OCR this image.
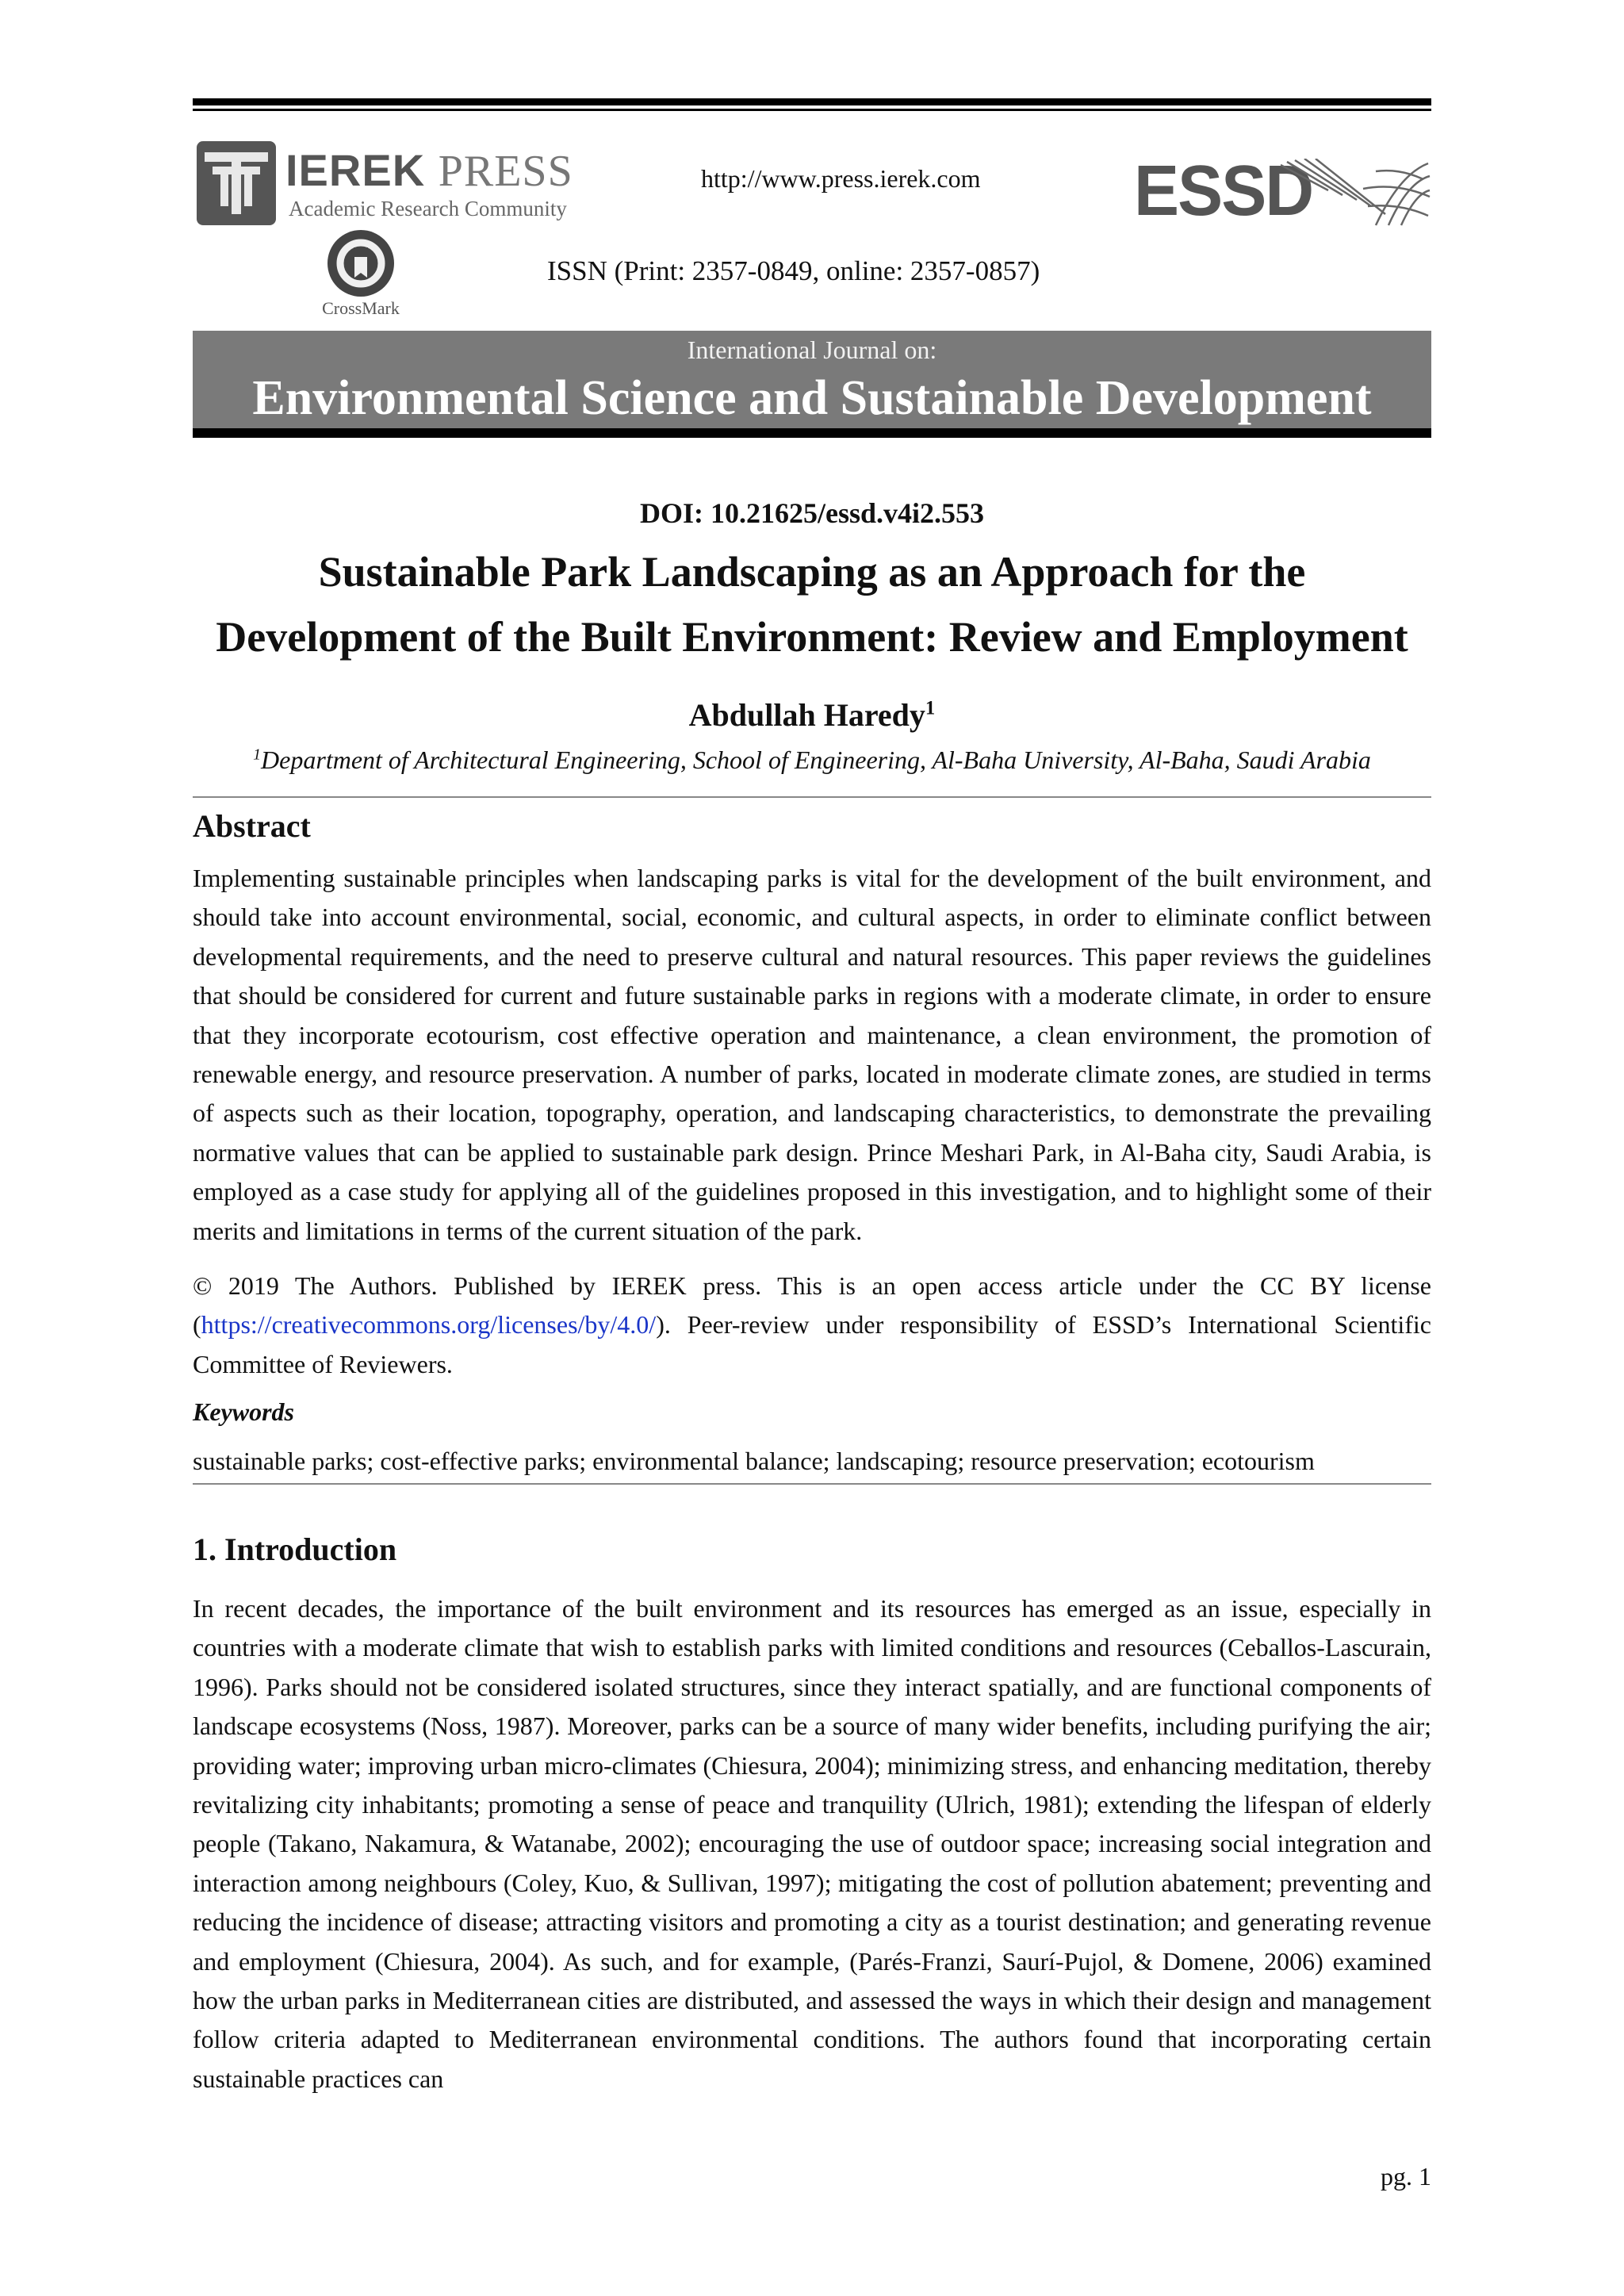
IEREK PRESS
Academic Research Community
CrossMark
http://www.press.ierek.com
ISSN (Print: 2357-0849, online: 2357-0857)
ESSD
International Journal on:
Environmental Science and Sustainable Development
DOI: 10.21625/essd.v4i2.553
Sustainable Park Landscaping as an Approach for the
Development of the Built Environment: Review and Employment
Abdullah Haredy$^1$
$^1$Department of Architectural Engineering, School of Engineering, Al-Baha University, Al-Baha, Saudi Arabia
Abstract
Implementing sustainable principles when landscaping parks is vital for the development of the built environment, and should take into account environmental, social, economic, and cultural aspects, in order to eliminate conflict between developmental requirements, and the need to preserve cultural and natural resources. This paper reviews the guidelines that should be considered for current and future sustainable parks in regions with a moderate climate, in order to ensure that they incorporate ecotourism, cost effective operation and maintenance, a clean environment, the promotion of renewable energy, and resource preservation. A number of parks, located in moderate climate zones, are studied in terms of aspects such as their location, topography, operation, and landscaping characteristics, to demonstrate the prevailing normative values that can be applied to sustainable park design. Prince Meshari Park, in Al-Baha city, Saudi Arabia, is employed as a case study for applying all of the guidelines proposed in this investigation, and to highlight some of their merits and limitations in terms of the current situation of the park.
© 2019 The Authors. Published by IEREK press. This is an open access article under the CC BY license (https://creativecommons.org/licenses/by/4.0/). Peer-review under responsibility of ESSD’s International Scientific Committee of Reviewers.
Keywords
sustainable parks; cost-effective parks; environmental balance; landscaping; resource preservation; ecotourism
1. Introduction
In recent decades, the importance of the built environment and its resources has emerged as an issue, especially in countries with a moderate climate that wish to establish parks with limited conditions and resources (Ceballos-Lascurain, 1996). Parks should not be considered isolated structures, since they interact spatially, and are functional components of landscape ecosystems (Noss, 1987). Moreover, parks can be a source of many wider benefits, including purifying the air; providing water; improving urban micro-climates (Chiesura, 2004); minimizing stress, and enhancing meditation, thereby revitalizing city inhabitants; promoting a sense of peace and tranquility (Ulrich, 1981); extending the lifespan of elderly people (Takano, Nakamura, & Watanabe, 2002); encouraging the use of outdoor space; increasing social integration and interaction among neighbours (Coley, Kuo, & Sullivan, 1997); mitigating the cost of pollution abatement; preventing and reducing the incidence of disease; attracting visitors and promoting a city as a tourist destination; and generating revenue and employment (Chiesura, 2004). As such, and for example, (Parés-Franzi, Saurí-Pujol, & Domene, 2006) examined how the urban parks in Mediterranean cities are distributed, and assessed the ways in which their design and management follow criteria adapted to Mediterranean environmental conditions. The authors found that incorporating certain sustainable practices can
pg. 1
